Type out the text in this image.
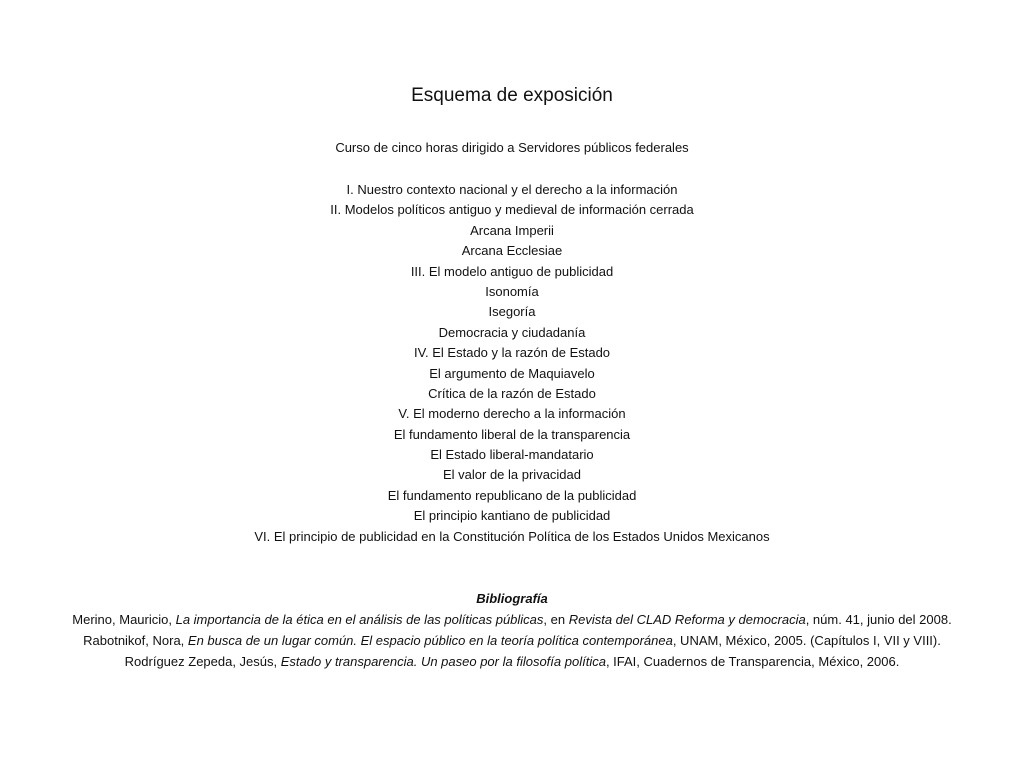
Esquema de exposición
Curso de cinco horas dirigido a Servidores públicos federales
I. Nuestro contexto nacional y el derecho a la información
II. Modelos políticos antiguo y medieval de información cerrada
Arcana Imperii
Arcana Ecclesiae
III. El modelo antiguo de publicidad
Isonomía
Isegoría
Democracia y ciudadanía
IV. El Estado y la razón de Estado
El argumento de Maquiavelo
Crítica de la razón de Estado
V. El moderno derecho a la información
El fundamento liberal de la transparencia
El Estado liberal-mandatario
El valor de la privacidad
El fundamento republicano de la publicidad
El principio kantiano de publicidad
VI. El principio de publicidad en la Constitución Política de los Estados Unidos Mexicanos
Bibliografía
Merino, Mauricio, La importancia de la ética en el análisis de las políticas públicas, en Revista del CLAD Reforma y democracia, núm. 41, junio del 2008.
Rabotnikof, Nora, En busca de un lugar común. El espacio público en la teoría política contemporánea, UNAM, México, 2005. (Capítulos I, VII y VIII).
Rodríguez Zepeda, Jesús, Estado y transparencia. Un paseo por la filosofía política, IFAI, Cuadernos de Transparencia, México, 2006.
